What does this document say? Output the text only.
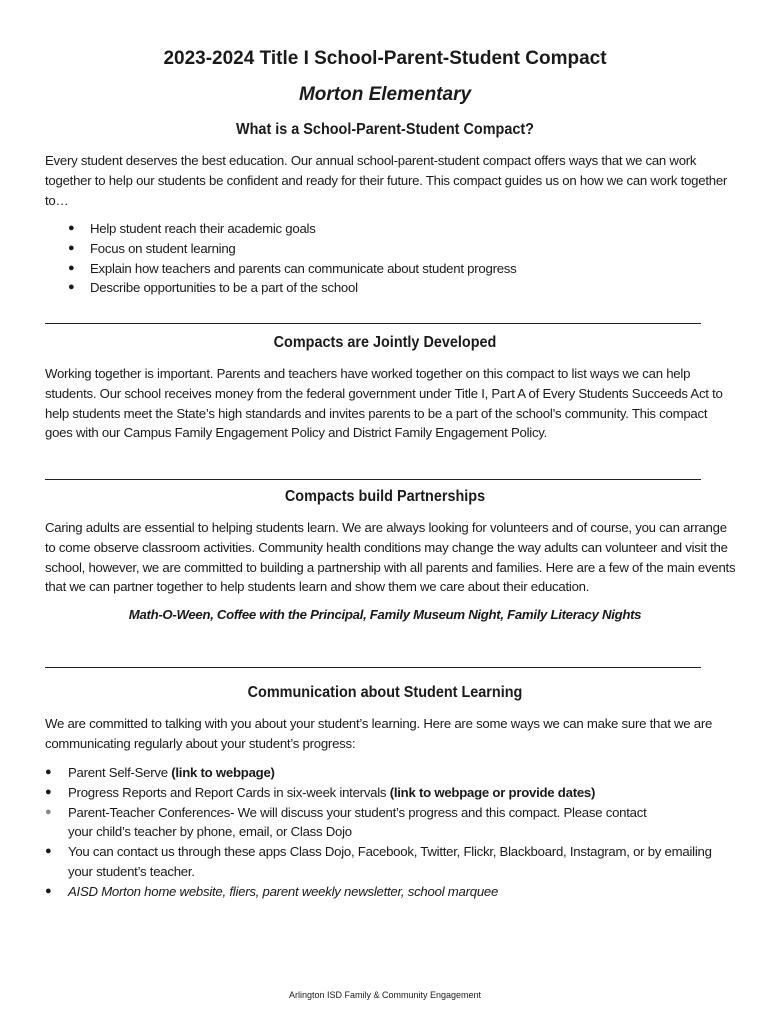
2023-2024 Title I School-Parent-Student Compact
Morton Elementary
What is a School-Parent-Student Compact?
Every student deserves the best education. Our annual school-parent-student compact offers ways that we can work
together to help our students be confident and ready for their future. This compact guides us on how we can work together
to…
● Help student reach their academic goals
● Focus on student learning
● Explain how teachers and parents can communicate about student progress
● Describe opportunities to be a part of the school
Compacts are Jointly Developed
Working together is important. Parents and teachers have worked together on this compact to list ways we can help
students. Our school receives money from the federal government under Title I, Part A of Every Students Succeeds Act to
help students meet the State’s high standards and invites parents to be a part of the school’s community. This compact
goes with our Campus Family Engagement Policy and District Family Engagement Policy.
Compacts build Partnerships
Caring adults are essential to helping students learn. We are always looking for volunteers and of course, you can arrange
to come observe classroom activities. Community health conditions may change the way adults can volunteer and visit the
school, however, we are committed to building a partnership with all parents and families. Here are a few of the main events
that we can partner together to help students learn and show them we care about their education.

Math-O-Ween, Coffee with the Principal, Family Museum Night, Family Literacy Nights

Communication about Student Learning
We are committed to talking with you about your student’s learning. Here are some ways we can make sure that we are
communicating regularly about your student’s progress:
● Parent Self-Serve (link to webpage)
● Progress Reports and Report Cards in six-week intervals (link to webpage or provide dates)
● Parent-Teacher Conferences- We will discuss your student’s progress and this compact. Please contact
your child’s teacher by phone, email, or Class Dojo
● You can contact us through these apps Class Dojo, Facebook, Twitter, Flickr, Blackboard, Instagram, or by emailing
your student’s teacher.
● AISD Morton home website, fliers, parent weekly newsletter, school marquee

Arlington ISD Family & Community Engagement
